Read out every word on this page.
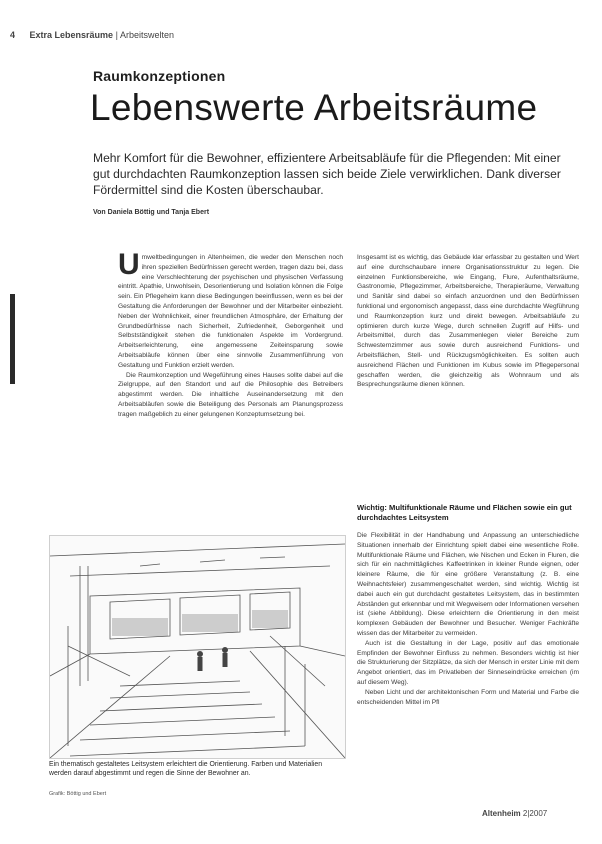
4 Extra Lebensräume | Arbeitswelten
Raumkonzeptionen
Lebenswerte Arbeitsräume
Mehr Komfort für die Bewohner, effizientere Arbeitsabläufe für die Pflegenden: Mit einer gut durchdachten Raumkonzeption lassen sich beide Ziele verwirklichen. Dank diverser Fördermittel sind die Kosten überschaubar.
Von Daniela Böttig und Tanja Ebert

Umweltbedingungen in Altenheimen, die weder den Menschen noch ihren speziellen Bedürfnissen gerecht werden, tragen dazu bei, dass eine Verschlechterung der psychischen und physischen Verfassung eintritt. Apathie, Unwohlsein, Desorientierung und Isolation können die Folge sein. Ein Pflegeheim kann diese Bedingungen beeinflussen, wenn es bei der Gestaltung die Anforderungen der Bewohner und der Mitarbeiter einbezieht. Neben der Wohnlichkeit, einer freundlichen Atmosphäre, der Erhaltung der Grundbedürfnisse nach Sicherheit, Zufriedenheit, Geborgenheit und Selbstständigkeit stehen die funktionalen Aspekte im Vordergrund. Arbeitserleichterung, eine angemessene Zeiteinsparung sowie Arbeitsabläufe können über eine sinnvolle Zusammenführung von Gestaltung und Funktion erzielt werden.

Die Raumkonzeption und Wegeführung eines Hauses sollte dabei auf die Zielgruppe, auf den Standort und auf die Philosophie des Betreibers abgestimmt werden. Die inhaltliche Auseinandersetzung mit den Arbeitsabläufen sowie die Beteiligung des Personals am Planungsprozess tragen maßgeblich zu einer gelungenen Konzeptumsetzung bei.

Insgesamt ist es wichtig, das Gebäude klar erfassbar zu gestalten und Wert auf eine durchschaubare innere Organisationsstruktur zu legen. Die einzelnen Funktionsbereiche, wie Eingang, Flure, Aufenthaltsräume, Gastronomie, Pflegezimmer, Arbeitsbereiche, Therapieräume, Verwaltung und Sanitär sind dabei so einfach anzuordnen und den Bedürfnissen funktional und ergonomisch angepasst, dass eine durchdachte Wegführung und Raumkonzeption kurz und direkt bewegen. Arbeitsabläufe zu optimieren durch kurze Wege, durch schnellen Zugriff auf Hilfs- und Arbeitsmittel, durch das Zusammenlegen vieler Bereiche zum Schwesternzimmer aus sowie durch ausreichend Funktions- und Arbeitsflächen, Stell- und Rückzugsmöglichkeiten. Es sollten auch ausreichend Flächen und Funktionen im Kubus sowie im Pflegepersonal geschaffen werden, die gleichzeitig als Wohnraum und als Besprechungsräume dienen können.

Wichtig: Multifunktionale Räume und Flächen sowie ein gut durchdachtes Leitsystem

Die Flexibilität in der Handhabung und Anpassung an unterschiedliche Situationen innerhalb der Einrichtung spielt dabei eine wesentliche Rolle. Multifunktionale Räume und Flächen, wie Nischen und Ecken in Fluren, die sich für ein nachmittägliches Kaffeetrinken in kleiner Runde eignen, oder kleinere Räume, die für eine größere Veranstaltung (z. B. eine Weihnachtsfeier) zusammengeschaltet werden, sind wichtig. Wichtig ist dabei auch ein gut durchdacht gestaltetes Leitsystem, das in bestimmten Abständen gut erkennbar und mit Wegweisern oder Informationen versehen ist (siehe Abbildung). Diese erleichtern die Orientierung in den meist komplexen Gebäuden der Bewohner und Besucher. Weniger Fachkräfte wissen das der Mitarbeiter zu vermeiden.

Auch ist die Gestaltung in der Lage, positiv auf das emotionale Empfinden der Bewohner Einfluss zu nehmen. Besonders wichtig ist hier die Strukturierung der Sitzplätze, da sich der Mensch in erster Linie mit dem Angebot orientiert, das im Privatleben der Sinneseindrücke erreichen (im auf diesem Weg).

Neben Licht und der architektonischen Form und Material und Farbe die entscheidenden Mittel im Pfl

Ein thematisch gestaltetes Leitsystem erleichtert die Orientierung. Farben und Materialien werden darauf abgestimmt und regen die Sinne der Bewohner an.
Grafik: Böttig und Ebert
Altenheim 2|2007
